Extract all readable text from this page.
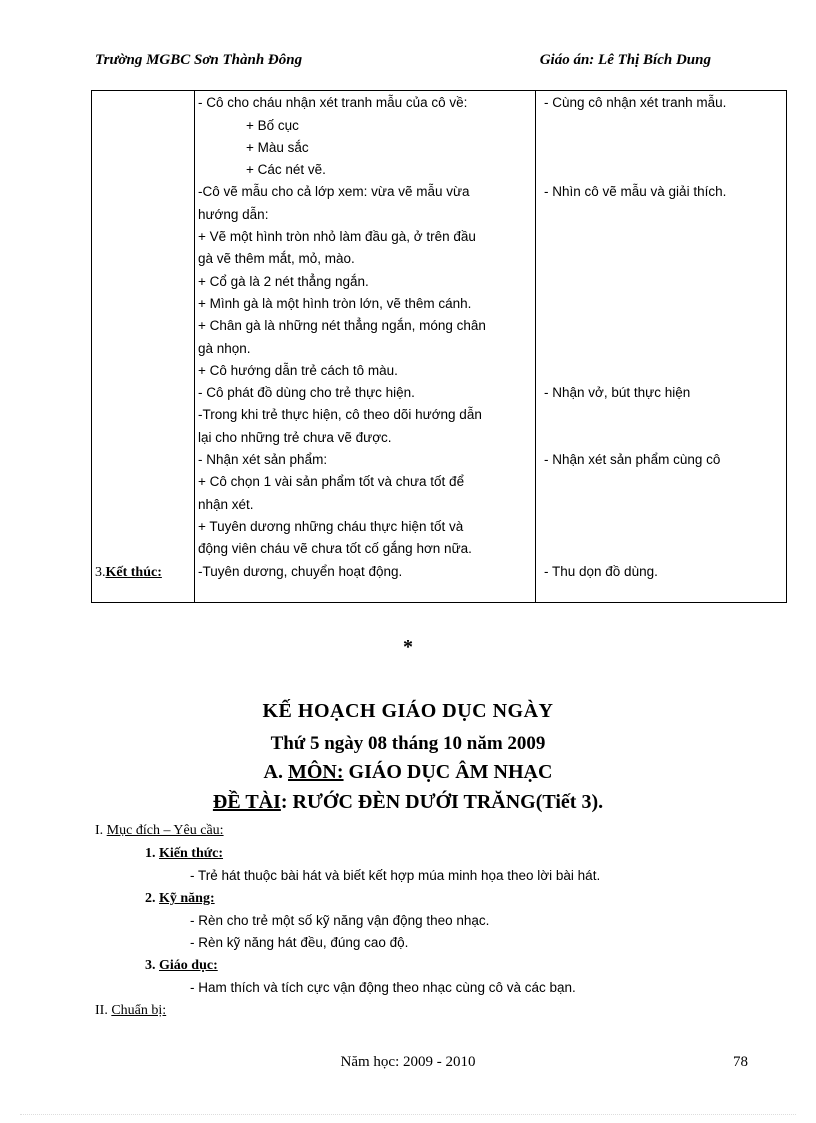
Trường MGBC Sơn Thành Đông	Giáo án: Lê Thị Bích Dung
3.Kết thúc:
- Cô cho cháu nhận xét tranh mẫu của cô về:
+ Bố cục
+ Màu sắc
+ Các nét vẽ.
-Cô vẽ mẫu cho cả lớp xem: vừa vẽ mẫu vừa
hướng dẫn:
+ Vẽ một hình tròn nhỏ làm đầu gà, ở trên đầu
gà vẽ thêm mắt, mỏ, mào.
+ Cổ gà là 2 nét thẳng ngắn.
+ Mình gà là một hình tròn lớn, vẽ thêm cánh.
+ Chân gà là những nét thẳng ngắn, móng chân
gà nhọn.
+ Cô hướng dẫn trẻ cách tô màu.
- Cô phát đồ dùng cho trẻ thực hiện.
-Trong khi trẻ thực hiện, cô theo dõi hướng dẫn
lại cho những trẻ chưa vẽ được.
- Nhận xét sản phẩm:
+ Cô chọn 1 vài sản phẩm tốt và chưa tốt để
nhận xét.
+ Tuyên dương những cháu thực hiện tốt và
động viên cháu vẽ chưa tốt cố gắng hơn nữa.
-Tuyên dương, chuyển hoạt động.
- Cùng cô nhận xét tranh mẫu.
- Nhìn cô vẽ mẫu và giải thích.
- Nhận vở, bút thực hiện
- Nhận xét sản phẩm cùng cô
- Thu dọn đồ dùng.
*
KẾ HOẠCH GIÁO DỤC NGÀY
Thứ 5 ngày 08 tháng 10 năm 2009
A. MÔN: GIÁO DỤC ÂM NHẠC
ĐỀ TÀI: RƯỚC ĐÈN DƯỚI TRĂNG(Tiết 3).
I. Mục đích – Yêu cầu:
1. Kiến thức:
- Trẻ hát thuộc bài hát và biết kết hợp múa minh họa theo lời bài hát.
2. Kỹ năng:
- Rèn cho trẻ một số kỹ năng vận động theo nhạc.
- Rèn kỹ năng hát đều, đúng cao độ.
3. Giáo dục:
- Ham thích và tích cực vận động theo nhạc cùng cô và các bạn.
II. Chuẩn bị:
Năm học: 2009 - 2010	78
